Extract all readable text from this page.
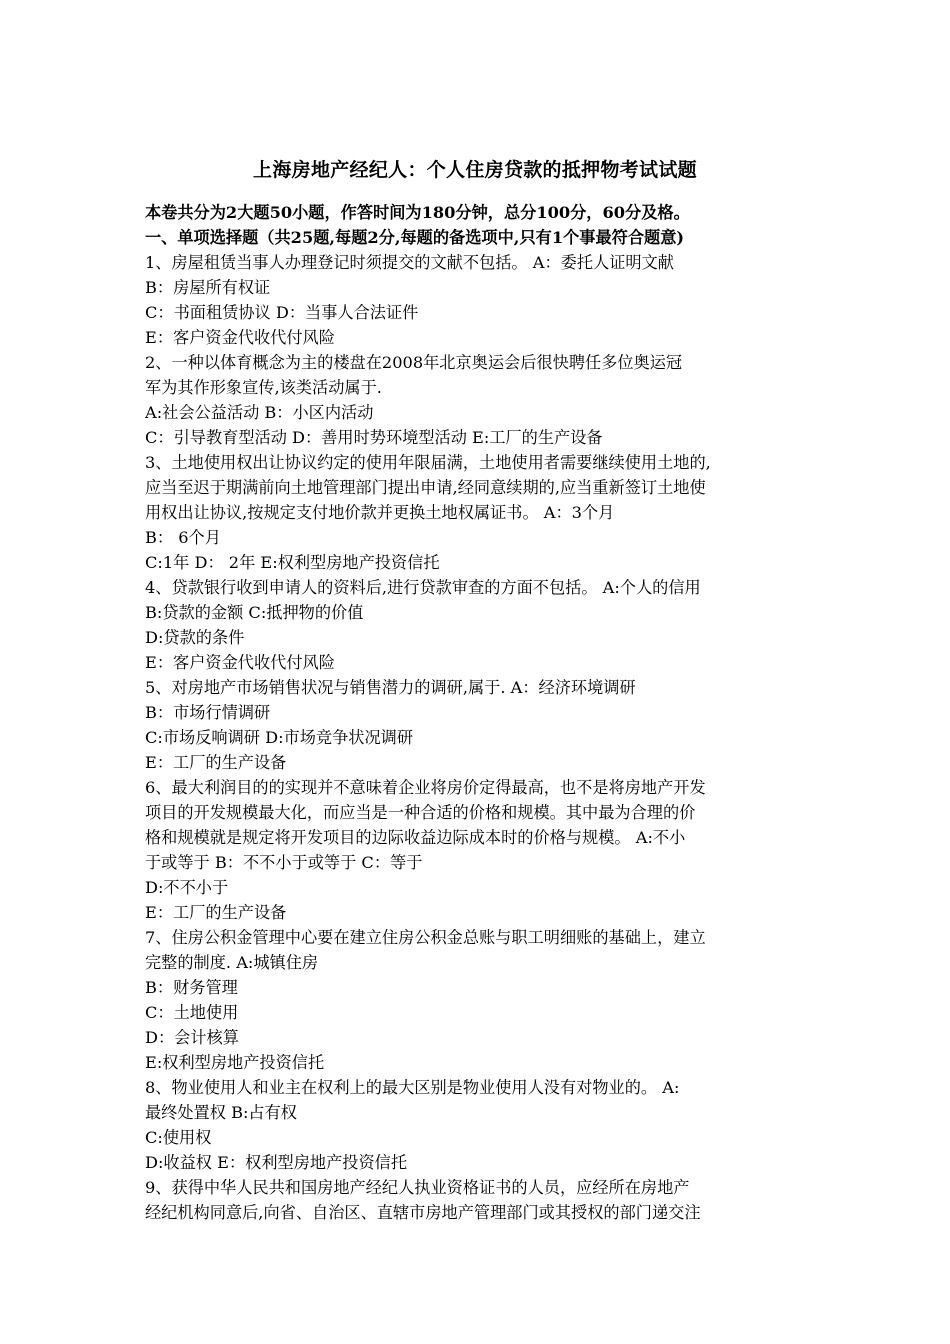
上海房地产经纪人：个人住房贷款的抵押物考试试题
本卷共分为2大题50小题，作答时间为180分钟，总分100分，60分及格。
一、单项选择题（共25题,每题2分,每题的备选项中,只有1个事最符合题意)
1、房屋租赁当事人办理登记时须提交的文献不包括。 A：委托人证明文献
B：房屋所有权证
C：书面租赁协议 D：当事人合法证件
E：客户资金代收代付风险
2、一种以体育概念为主的楼盘在2008年北京奥运会后很快聘任多位奥运冠
军为其作形象宣传,该类活动属于.
A:社会公益活动 B：小区内活动
C：引导教育型活动 D：善用时势环境型活动 E:工厂的生产设备
3、土地使用权出让协议约定的使用年限届满，土地使用者需要继续使用土地的,
应当至迟于期满前向土地管理部门提出申请,经同意续期的,应当重新签订土地使
用权出让协议,按规定支付地价款并更换土地权属证书。 A：3个月
B： 6个月
C:1年 D： 2年 E:权利型房地产投资信托
4、贷款银行收到申请人的资料后,进行贷款审查的方面不包括。 A:个人的信用
B:贷款的金额 C:抵押物的价值
D:贷款的条件
E：客户资金代收代付风险
5、对房地产市场销售状况与销售潜力的调研,属于. A：经济环境调研
B：市场行情调研
C:市场反响调研 D:市场竞争状况调研
E：工厂的生产设备
6、最大利润目的的实现并不意味着企业将房价定得最高，也不是将房地产开发
项目的开发规模最大化，而应当是一种合适的价格和规模。其中最为合理的价
格和规模就是规定将开发项目的边际收益边际成本时的价格与规模。 A:不小
于或等于 B：不不小于或等于 C：等于
D:不不小于
E：工厂的生产设备
7、住房公积金管理中心要在建立住房公积金总账与职工明细账的基础上，建立
完整的制度. A:城镇住房
B：财务管理
C：土地使用
D：会计核算
E:权利型房地产投资信托
8、物业使用人和业主在权利上的最大区别是物业使用人没有对物业的。 A:
最终处置权 B:占有权
C:使用权
D:收益权 E：权利型房地产投资信托
9、获得中华人民共和国房地产经纪人执业资格证书的人员，应经所在房地产
经纪机构同意后,向省、自治区、直辖市房地产管理部门或其授权的部门递交注
